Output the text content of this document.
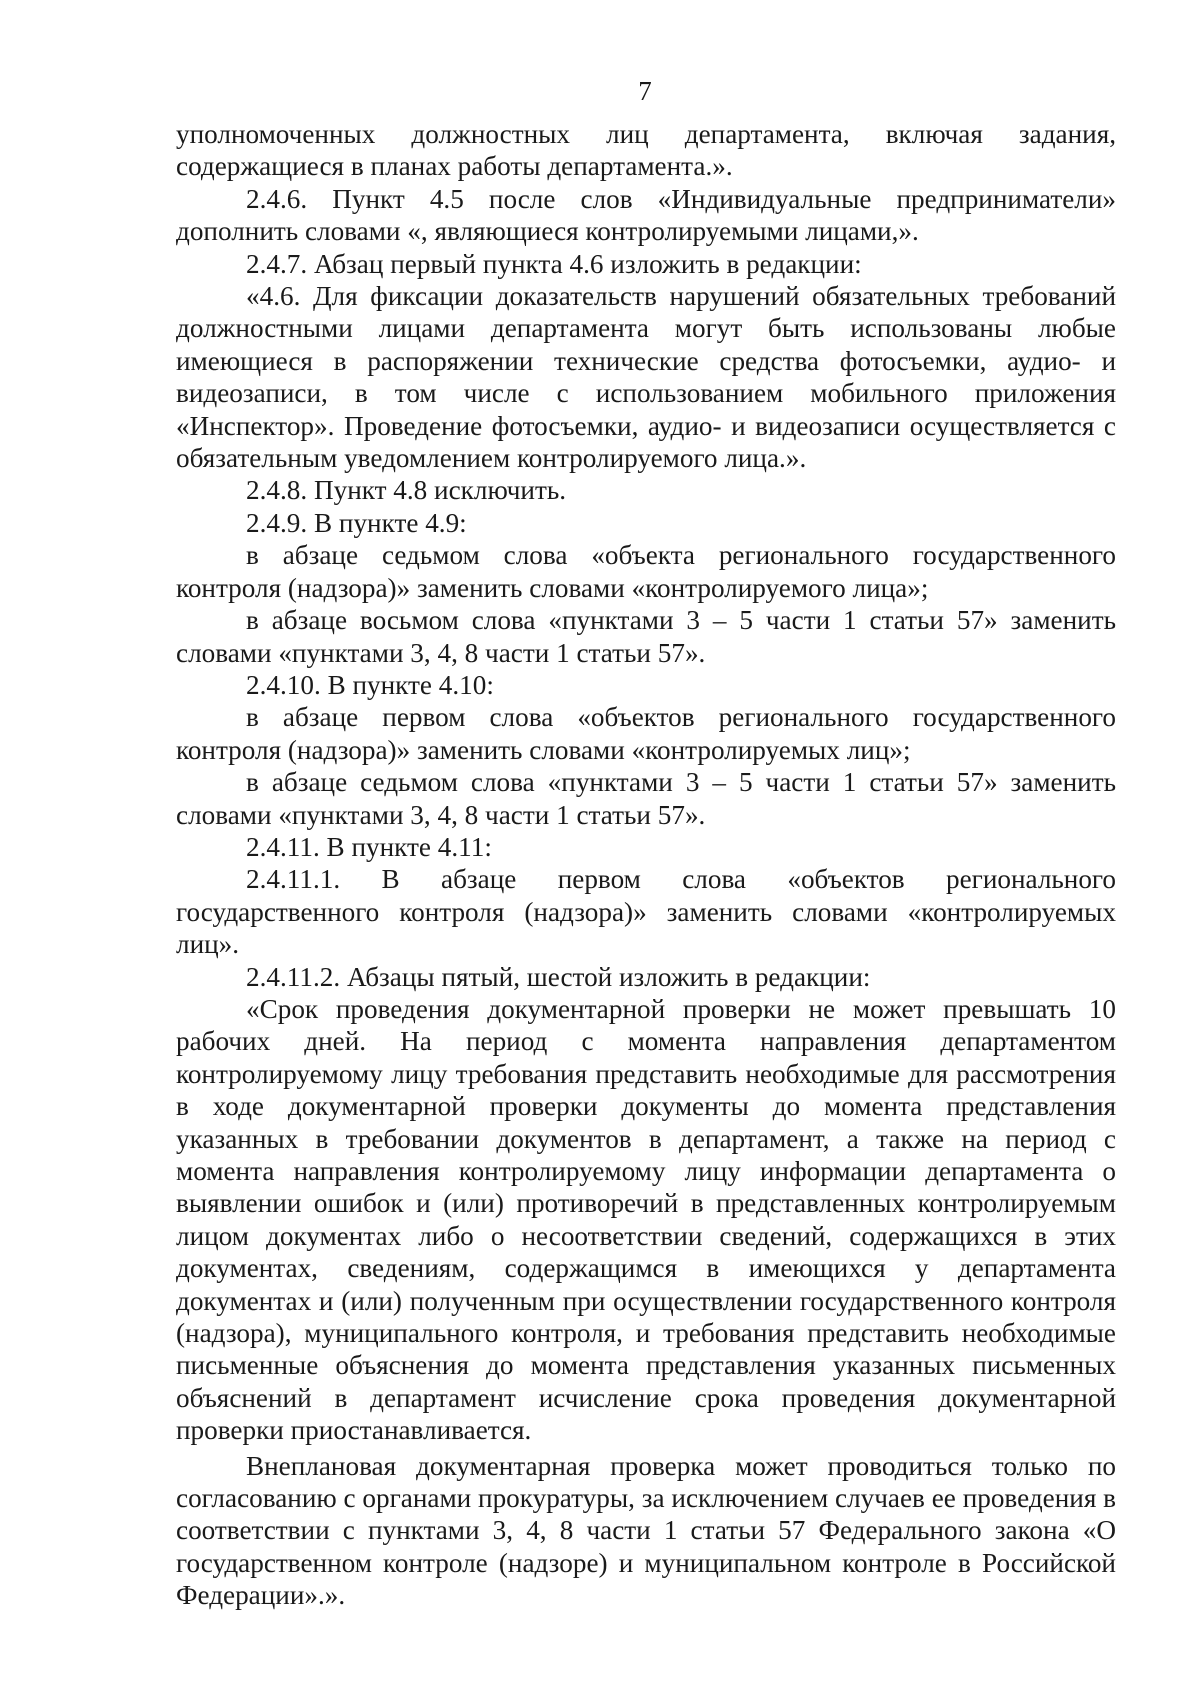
7

уполномоченных должностных лиц департамента, включая задания, содержащиеся в планах работы департамента.».

2.4.6. Пункт 4.5 после слов «Индивидуальные предприниматели» дополнить словами «, являющиеся контролируемыми лицами,».

2.4.7. Абзац первый пункта 4.6 изложить в редакции:

«4.6. Для фиксации доказательств нарушений обязательных требований должностными лицами департамента могут быть использованы любые имеющиеся в распоряжении технические средства фотосъемки, аудио- и видеозаписи, в том числе с использованием мобильного приложения «Инспектор». Проведение фотосъемки, аудио- и видеозаписи осуществляется с обязательным уведомлением контролируемого лица.».

2.4.8. Пункт 4.8 исключить.

2.4.9. В пункте 4.9:

в абзаце седьмом слова «объекта регионального государственного контроля (надзора)» заменить словами «контролируемого лица»;

в абзаце восьмом слова «пунктами 3 – 5 части 1 статьи 57» заменить словами «пунктами 3, 4, 8 части 1 статьи 57».

2.4.10. В пункте 4.10:

в абзаце первом слова «объектов регионального государственного контроля (надзора)» заменить словами «контролируемых лиц»;

в абзаце седьмом слова «пунктами 3 – 5 части 1 статьи 57» заменить словами «пунктами 3, 4, 8 части 1 статьи 57».

2.4.11. В пункте 4.11:

2.4.11.1. В абзаце первом слова «объектов регионального государственного контроля (надзора)» заменить словами «контролируемых лиц».

2.4.11.2. Абзацы пятый, шестой изложить в редакции:

«Срок проведения документарной проверки не может превышать 10 рабочих дней. На период с момента направления департаментом контролируемому лицу требования представить необходимые для рассмотрения в ходе документарной проверки документы до момента представления указанных в требовании документов в департамент, а также на период с момента направления контролируемому лицу информации департамента о выявлении ошибок и (или) противоречий в представленных контролируемым лицом документах либо о несоответствии сведений, содержащихся в этих документах, сведениям, содержащимся в имеющихся у департамента документах и (или) полученным при осуществлении государственного контроля (надзора), муниципального контроля, и требования представить необходимые письменные объяснения до момента представления указанных письменных объяснений в департамент исчисление срока проведения документарной проверки приостанавливается.

Внеплановая документарная проверка может проводиться только по согласованию с органами прокуратуры, за исключением случаев ее проведения в соответствии с пунктами 3, 4, 8 части 1 статьи 57 Федерального закона «О государственном контроле (надзоре) и муниципальном контроле в Российской Федерации».».
